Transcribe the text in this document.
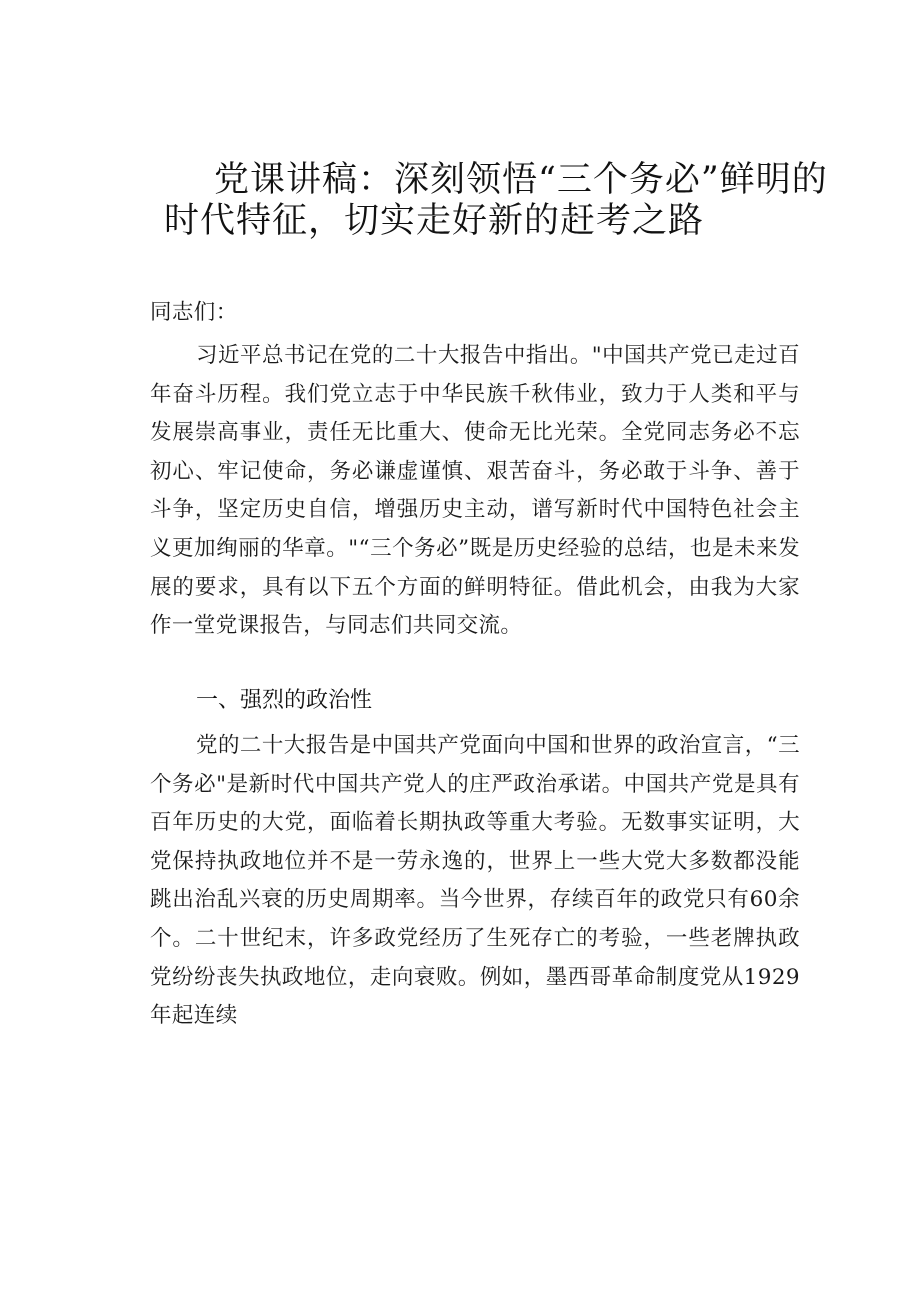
党课讲稿：深刻领悟“三个务必”鲜明的
时代特征，切实走好新的赶考之路
同志们：
习近平总书记在党的二十大报告中指出。"中国共产党已走过百年奋斗历程。我们党立志于中华民族千秋伟业，致力于人类和平与发展崇高事业，责任无比重大、使命无比光荣。全党同志务必不忘初心、牢记使命，务必谦虚谨慎、艰苦奋斗，务必敢于斗争、善于斗争，坚定历史自信，增强历史主动，谱写新时代中国特色社会主义更加绚丽的华章。"“三个务必”既是历史经验的总结，也是未来发展的要求，具有以下五个方面的鲜明特征。借此机会，由我为大家作一堂党课报告，与同志们共同交流。
一、强烈的政治性
党的二十大报告是中国共产党面向中国和世界的政治宣言，“三个务必"是新时代中国共产党人的庄严政治承诺。中国共产党是具有百年历史的大党，面临着长期执政等重大考验。无数事实证明，大党保持执政地位并不是一劳永逸的，世界上一些大党大多数都没能跳出治乱兴衰的历史周期率。当今世界，存续百年的政党只有60余个。二十世纪末，许多政党经历了生死存亡的考验，一些老牌执政党纷纷丧失执政地位，走向衰败。例如，墨西哥革命制度党从1929年起连续
